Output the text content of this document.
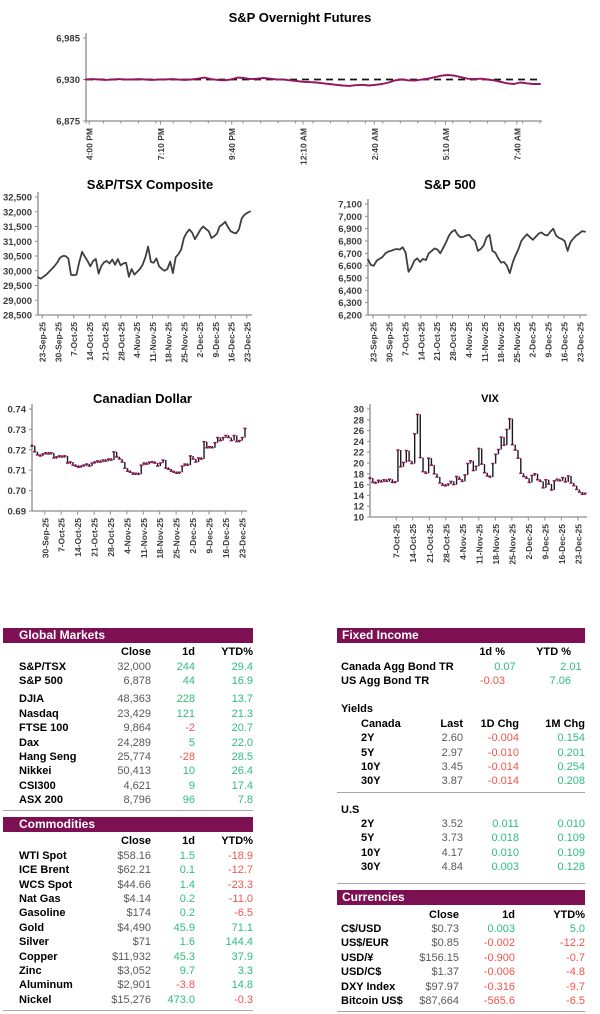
S&P Overnight Futures
6,985
6,930
6,875
4:00 PM	7:10 PM	9:40 PM	12:10 AM	2:40 AM	5:10 AM	7:40 AM
S&P/TSX Composite
32,500
32,000
31,500
31,000
30,500
30,000
29,500
29,000
28,500
23-Sep-25 30-Sep-25 7-Oct-25 14-Oct-25 21-Oct-25 28-Oct-25 4-Nov-25 11-Nov-25 18-Nov-25 25-Nov-25 2-Dec-25 9-Dec-25 16-Dec-25 23-Dec-25
S&P 500
7,100
7,000
6,900
6,800
6,700
6,600
6,500
6,400
6,300
6,200
23-Sep-25 30-Sep-25 7-Oct-25 14-Oct-25 21-Oct-25 28-Oct-25 4-Nov-25 11-Nov-25 18-Nov-25 25-Nov-25 2-Dec-25 9-Dec-25 16-Dec-25 23-Dec-25
Canadian Dollar
0.74
0.73
0.72
0.71
0.70
0.69
30-Sep-25 7-Oct-25 14-Oct-25 21-Oct-25 28-Oct-25 4-Nov-25 11-Nov-25 18-Nov-25 25-Nov-25 2-Dec-25 9-Dec-25 16-Dec-25 23-Dec-25
VIX
30
28
26
24
22
20
18
16
14
12
10
7-Oct-25 14-Oct-25 21-Oct-25 28-Oct-25 4-Nov-25 11-Nov-25 18-Nov-25 25-Nov-25 2-Dec-25 9-Dec-25 16-Dec-25 23-Dec-25
Global Markets
Close	1d	YTD%
S&P/TSX	32,000	244	29.4
S&P 500	6,878	44	16.9
DJIA	48,363	228	13.7
Nasdaq	23,429	121	21.3
FTSE 100	9,864	-2	20.7
Dax	24,289	5	22.0
Hang Seng	25,774	-28	28.5
Nikkei	50,413	10	26.4
CSI300	4,621	9	17.4
ASX 200	8,796	96	7.8
Commodities
Close	1d	YTD%
WTI Spot	$58.16	1.5	-18.9
ICE Brent	$62.21	0.1	-12.7
WCS Spot	$44.66	1.4	-23.3
Nat Gas	$4.14	0.2	-11.0
Gasoline	$174	0.2	-6.5
Gold	$4,490	45.9	71.1
Silver	$71	1.6	144.4
Copper	$11,932	45.3	37.9
Zinc	$3,052	9.7	3.3
Aluminum	$2,901	-3.8	14.8
Nickel	$15,276	473.0	-0.3
Fixed Income
1d %	YTD %
Canada Agg Bond TR	0.07	2.01
US Agg Bond TR	-0.03	7.06
Yields
Canada	Last	1D Chg	1M Chg
2Y	2.60	-0.004	0.154
5Y	2.97	-0.010	0.201
10Y	3.45	-0.014	0.254
30Y	3.87	-0.014	0.208
U.S
2Y	3.52	0.011	0.010
5Y	3.73	0.018	0.109
10Y	4.17	0.010	0.109
30Y	4.84	0.003	0.128
Currencies
Close	1d	YTD%
C$/USD	$0.73	0.003	5.0
US$/EUR	$0.85	-0.002	-12.2
USD/¥	$156.15	-0.900	-0.7
USD/C$	$1.37	-0.006	-4.8
DXY Index	$97.97	-0.316	-9.7
Bitcoin US$	$87,664	-565.6	-6.5
